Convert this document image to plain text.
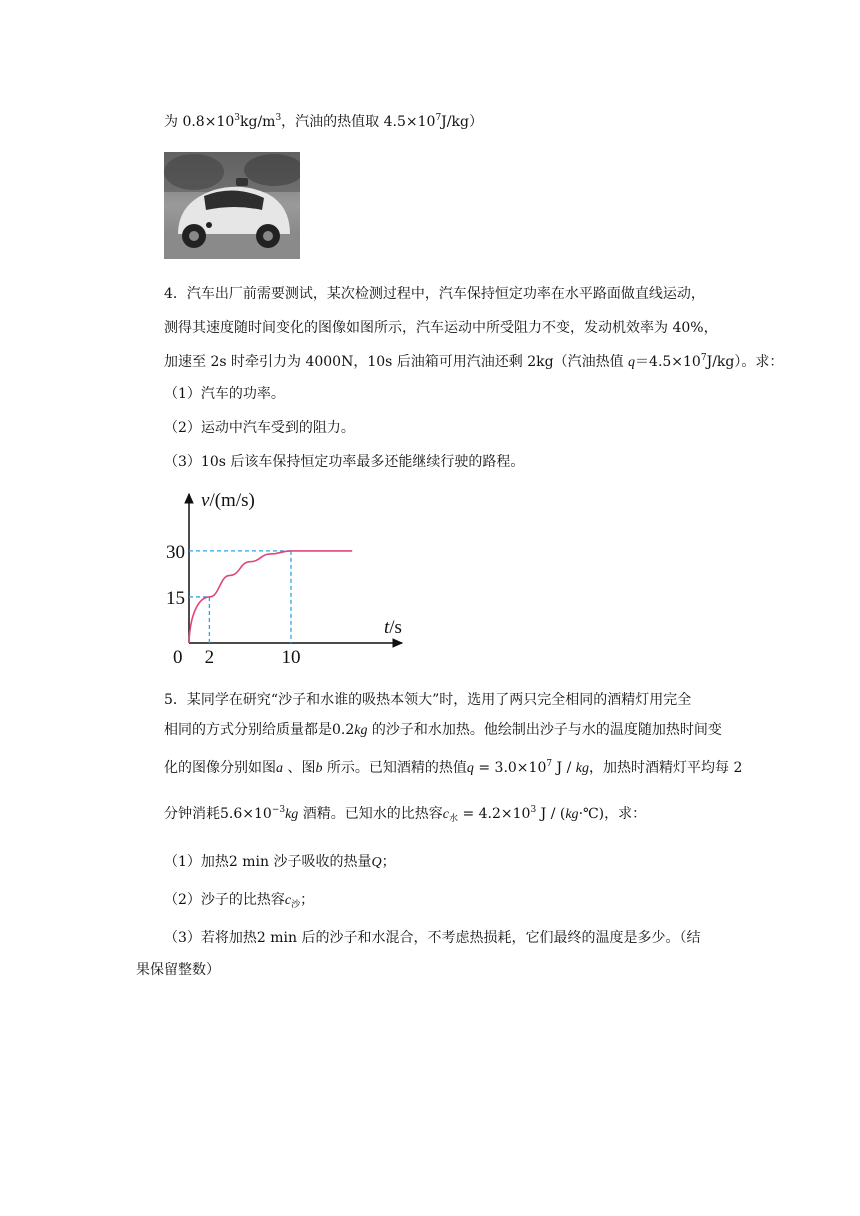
为 $0.8\times 10^3kg/m^3$，汽油的热值取 $4.5\times 10^7J/kg$）
4．汽车出厂前需要测试，某次检测过程中，汽车保持恒定功率在水平路面做直线运动，
测得其速度随时间变化的图像如图所示，汽车运动中所受阻力不变，发动机效率为 40%，
加速至 2s 时牵引力为 4000N，10s 后油箱可用汽油还剩 2kg（汽油热值 $q=4.5\times 10^7J/kg$）。求：
（1）汽车的功率。
（2）运动中汽车受到的阻力。
（3）10s 后该车保持恒定功率最多还能继续行驶的路程。
0 2	10
15
30
v/(m/s)
t/s
5．某同学在研究“沙子和水谁的吸热本领大”时，选用了两只完全相同的酒精灯用完全
相同的方式分别给质量都是0.2kg 的沙子和水加热。他绘制出沙子与水的温度随加热时间变
化的图像分别如图a 、图b 所示。已知酒精的热值$q = 3.0\times 10^7$ J / kg，加热时酒精灯平均每 2
分钟消耗$5.6\times 10^{-3}kg$ 酒精。已知水的比热容$c_水 = 4.2\times 10^3$ J / (kg·℃)，求：
（1）加热2 min 沙子吸收的热量Q；
（2）沙子的比热容$c_沙$；
（3）若将加热2 min 后的沙子和水混合，不考虑热损耗，它们最终的温度是多少。（结
果保留整数）
